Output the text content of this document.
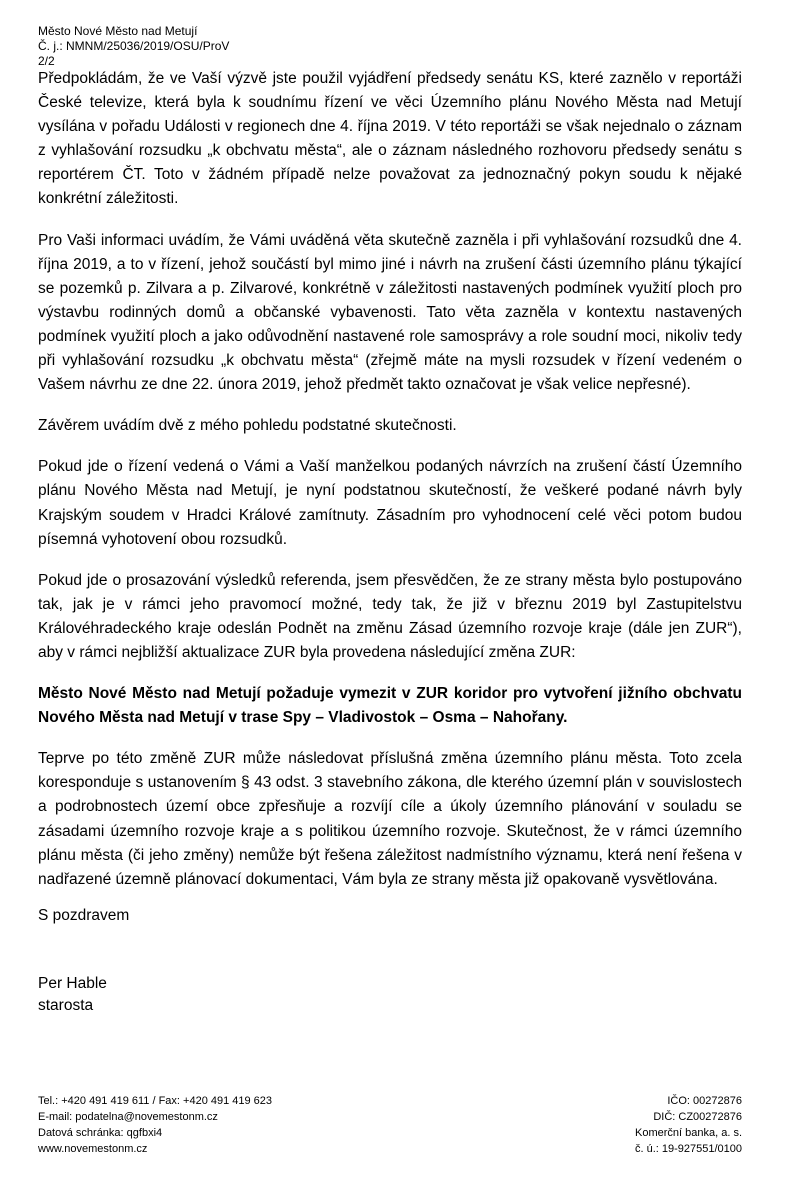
Město Nové Město nad Metují
Č. j.: NMNM/25036/2019/OSU/ProV
2/2

Předpokládám, že ve Vaší výzvě jste použil vyjádření předsedy senátu KS, které zaznělo v reportáži České televize, která byla k soudnímu řízení ve věci Územního plánu Nového Města nad Metují vysílána v pořadu Události v regionech dne 4. října 2019. V této reportáži se však nejednalo o záznam z vyhlašování rozsudku „k obchvatu města“, ale o záznam následného rozhovoru předsedy senátu s reportérem ČT. Toto v žádném případě nelze považovat za jednoznačný pokyn soudu k nějaké konkrétní záležitosti.

Pro Vaši informaci uvádím, že Vámi uváděná věta skutečně zazněla i při vyhlašování rozsudků dne 4. října 2019, a to v řízení, jehož součástí byl mimo jiné i návrh na zrušení části územního plánu týkající se pozemků p. Zilvara a p. Zilvarové, konkrétně v záležitosti nastavených podmínek využití ploch pro výstavbu rodinných domů a občanské vybavenosti. Tato věta zazněla v kontextu nastavených podmínek využití ploch a jako odůvodnění nastavené role samosprávy a role soudní moci, nikoliv tedy při vyhlašování rozsudku „k obchvatu města“ (zřejmě máte na mysli rozsudek v řízení vedeném o Vašem návrhu ze dne 22. února 2019, jehož předmět takto označovat je však velice nepřesné).

Závěrem uvádím dvě z mého pohledu podstatné skutečnosti.

Pokud jde o řízení vedená o Vámi a Vaší manželkou podaných návrzích na zrušení částí Územního plánu Nového Města nad Metují, je nyní podstatnou skutečností, že veškeré podané návrh byly Krajským soudem v Hradci Králové zamítnuty. Zásadním pro vyhodnocení celé věci potom budou písemná vyhotovení obou rozsudků.

Pokud jde o prosazování výsledků referenda, jsem přesvědčen, že ze strany města bylo postupováno tak, jak je v rámci jeho pravomocí možné, tedy tak, že již v březnu 2019 byl Zastupitelstvu Královéhradeckého kraje odeslán Podnět na změnu Zásad územního rozvoje kraje (dále jen ZUR“), aby v rámci nejbližší aktualizace ZUR byla provedena následující změna ZUR:

Město Nové Město nad Metují požaduje vymezit v ZUR koridor pro vytvoření jižního obchvatu Nového Města nad Metují v trase Spy – Vladivostok – Osma – Nahořany.

Teprve po této změně ZUR může následovat příslušná změna územního plánu města. Toto zcela koresponduje s ustanovením § 43 odst. 3 stavebního zákona, dle kterého územní plán v souvislostech a podrobnostech území obce zpřesňuje a rozvíjí cíle a úkoly územního plánování v souladu se zásadami územního rozvoje kraje a s politikou územního rozvoje. Skutečnost, že v rámci územního plánu města (či jeho změny) nemůže být řešena záležitost nadmístního významu, která není řešena v nadřazené územně plánovací dokumentaci, Vám byla ze strany města již opakovaně vysvětlována.

S pozdravem
Per Hable
starosta
Tel.: +420 491 419 611 / Fax: +420 491 419 623
E-mail: podatelna@novemestonm.cz
Datová schránka: qgfbxi4
www.novemestonm.cz
IČO: 00272876
DIČ: CZ00272876
Komerční banka, a. s.
č. ú.: 19-927551/0100
